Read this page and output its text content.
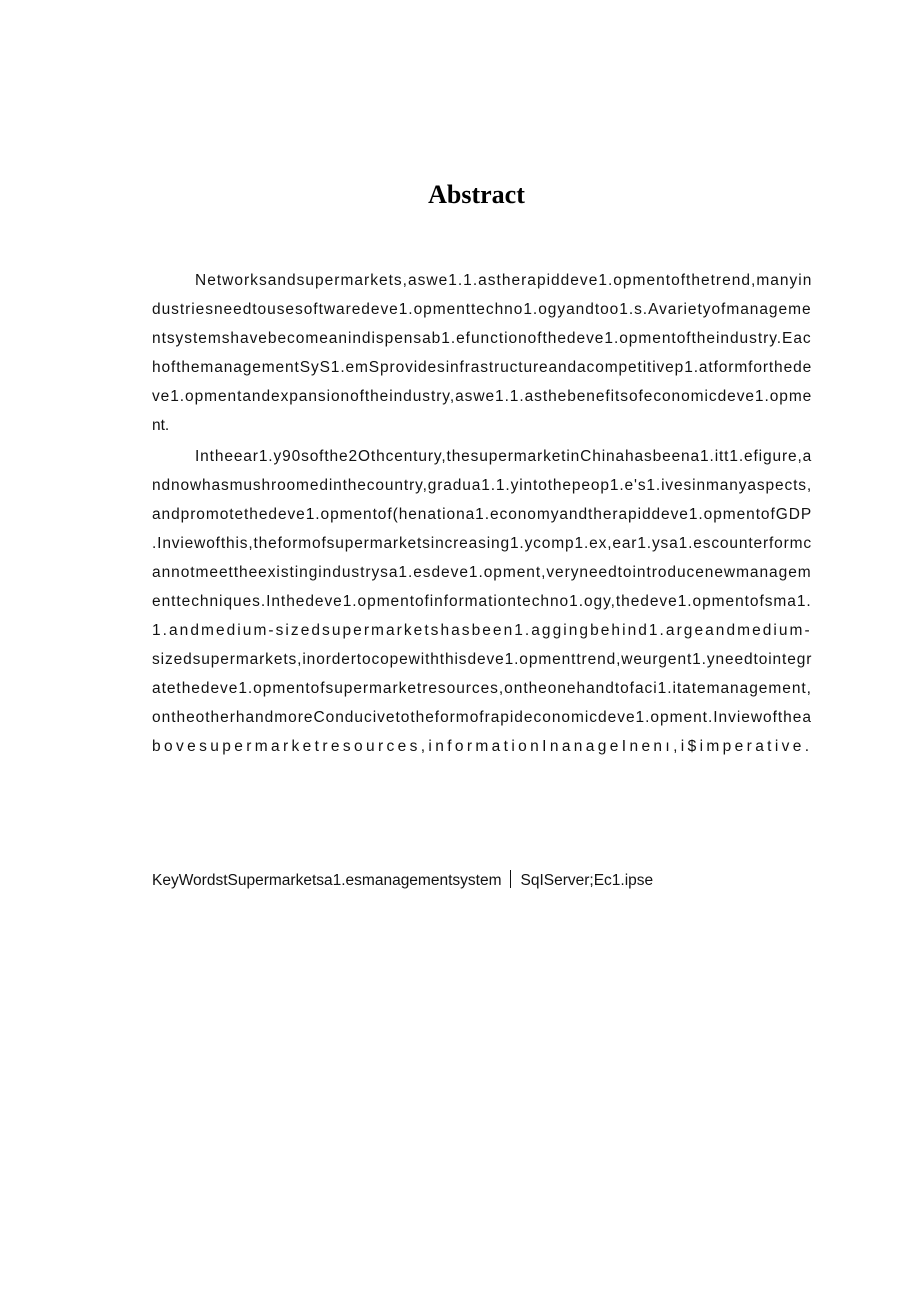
Abstract
Networksandsupermarkets,aswe1.1.astherapiddeve1.opmentofthetrend,manyin
dustriesneedtousesoftwaredeve1.opmenttechno1.ogyandtoo1.s.Avarietyofmanageme
ntsystemshavebecomeanindispensab1.efunctionofthedeve1.opmentoftheindustry.Eac
hofthemanagementSyS1.emSprovidesinfrastructureandacompetitivep1.atformforthede
ve1.opmentandexpansionoftheindustry,aswe1.1.asthebenefitsofeconomicdeve1.opme
nt.
Intheear1.y90softhe2Othcentury,thesupermarketinChinahasbeena1.itt1.efigure,a
ndnowhasmushroomedinthecountry,gradua1.1.yintothepeop1.e's1.ivesinmanyaspects,
andpromotethedeve1.opmentof(henationa1.economyandtherapiddeve1.opmentofGDP
.Inviewofthis,theformofsupermarketsincreasing1.ycomp1.ex,ear1.ysa1.escounterformc
annotmeettheexistingindustrysa1.esdeve1.opment,veryneedtointroducenewmanagem
enttechniques.Inthedeve1.opmentofinformationtechno1.ogy,thedeve1.opmentofsma1.
1.andmedium-sizedsupermarketshasbeen1.aggingbehind1.argeandmedium-
sizedsupermarkets,inordertocopewiththisdeve1.opmenttrend,weurgent1.yneedtointegr
atethedeve1.opmentofsupermarketresources,ontheonehandtofaci1.itatemanagement,
ontheotherhandmoreConducivetotheformofrapideconomicdeve1.opment.Inviewofthea
bovesupermarketresources,informationInanageInenı,i$imperative.
KeyWordstSupermarketsa1.esmanagementsystem SqIServer;Ec1.ipse
